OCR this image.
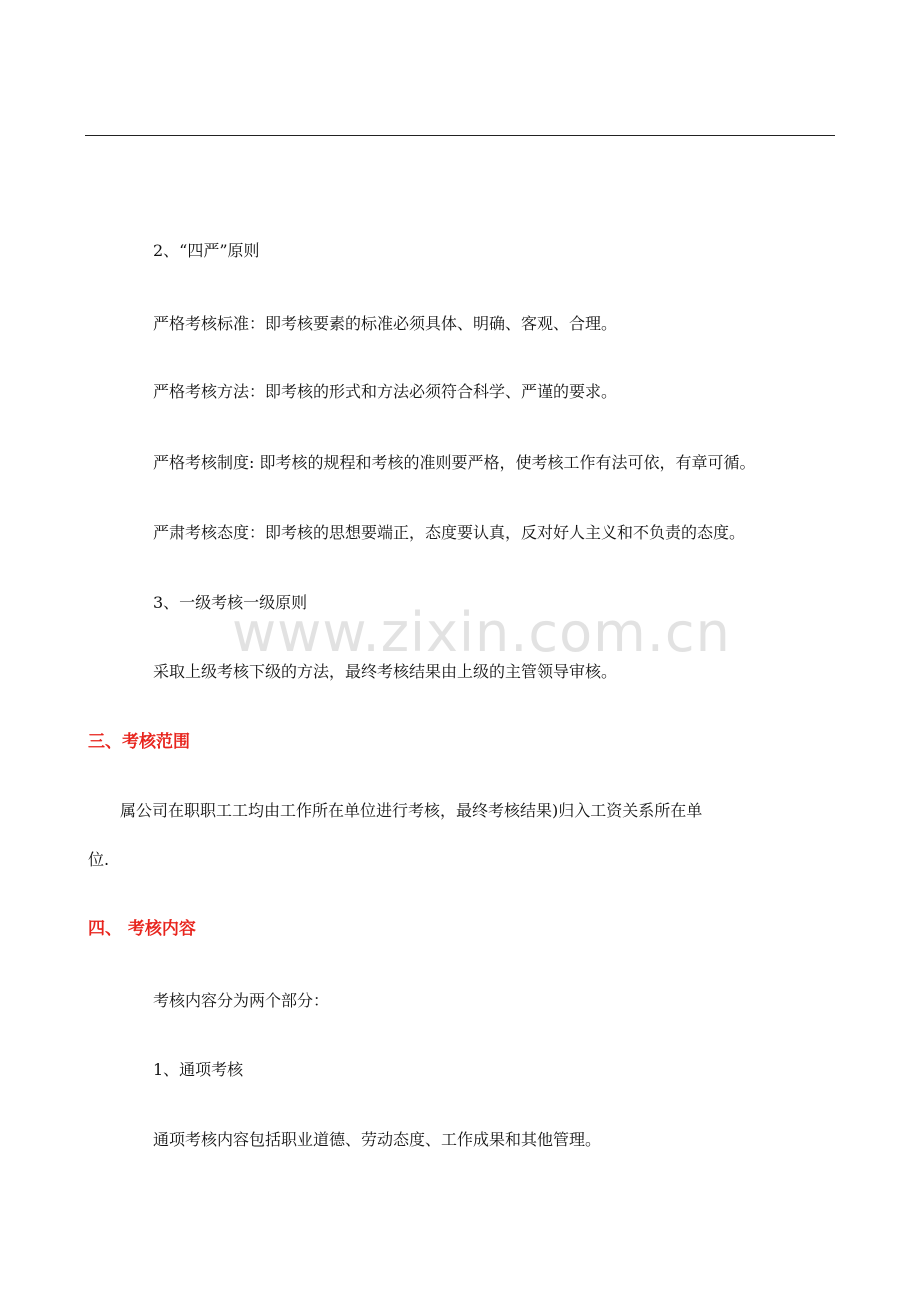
2、“四严”原则
严格考核标准：即考核要素的标准必须具体、明确、客观、合理。
严格考核方法：即考核的形式和方法必须符合科学、严谨的要求。
严格考核制度: 即考核的规程和考核的准则要严格，使考核工作有法可依，有章可循。
严肃考核态度：即考核的思想要端正，态度要认真，反对好人主义和不负责的态度。
3、一级考核一级原则
采取上级考核下级的方法，最终考核结果由上级的主管领导审核。
www.zixin.com.cn
三、考核范围
属公司在职职工工均由工作所在单位进行考核，最终考核结果)归入工资关系所在单
位.
四、 考核内容
考核内容分为两个部分：
1、通项考核
通项考核内容包括职业道德、劳动态度、工作成果和其他管理。
